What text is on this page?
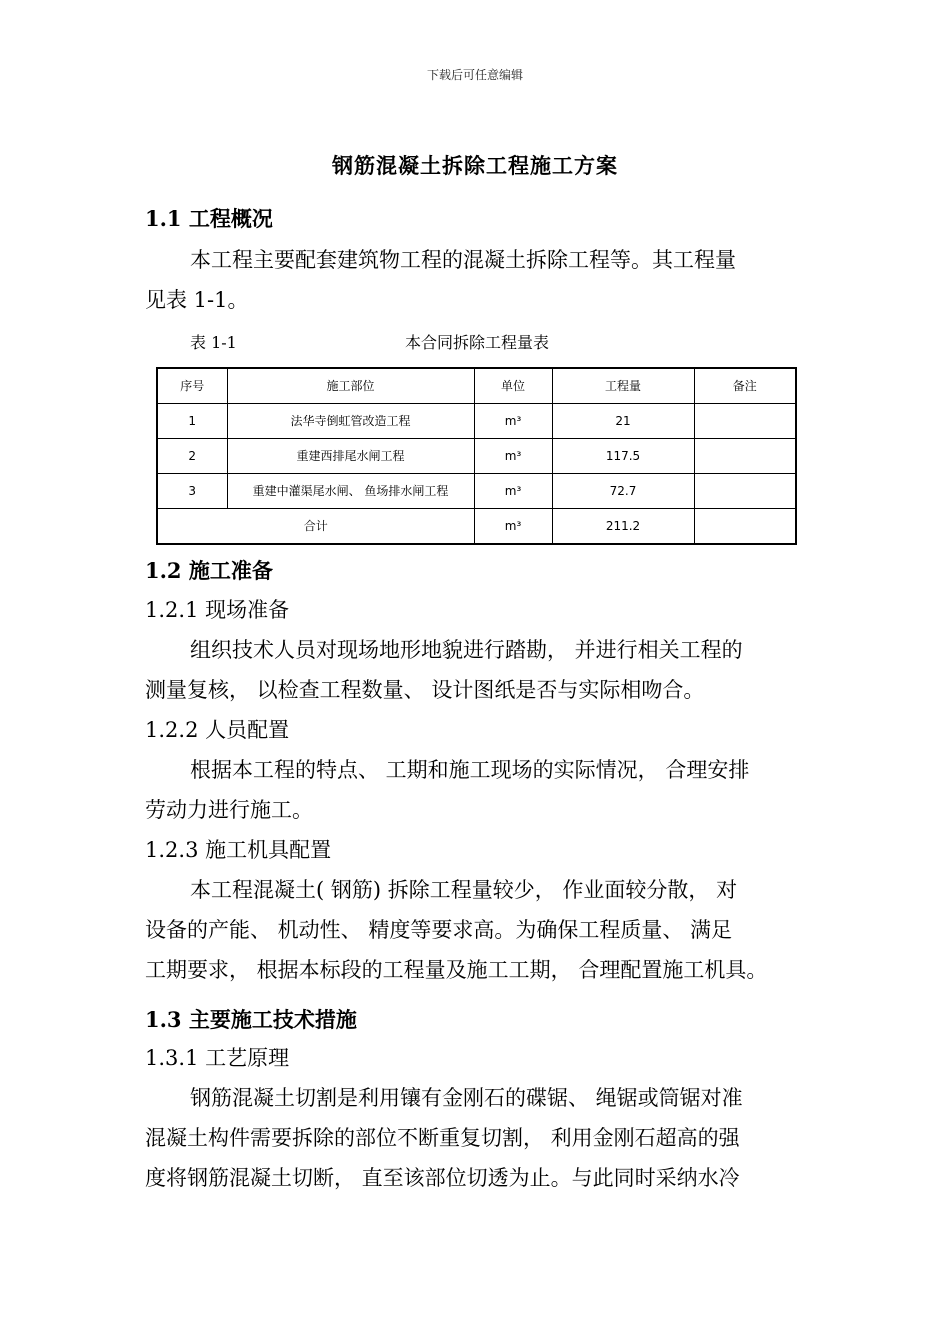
下载后可任意编辑
钢筋混凝土拆除工程施工方案
1.1 工程概况
本工程主要配套建筑物工程的混凝土拆除工程等。其工程量
见表 1-1。
表 1-1	本合同拆除工程量表
序号	施工部位	单位	工程量	备注
1	法华寺倒虹管改造工程	m³	21	
2	重建西排尾水闸工程	m³	117.5	
3	重建中灌渠尾水闸、 鱼场排水闸工程	m³	72.7	
合计		m³	211.2	
1.2 施工准备
1.2.1 现场准备
组织技术人员对现场地形地貌进行踏勘， 并进行相关工程的
测量复核， 以检查工程数量、 设计图纸是否与实际相吻合。
1.2.2 人员配置
根据本工程的特点、 工期和施工现场的实际情况， 合理安排
劳动力进行施工。
1.2.3 施工机具配置
本工程混凝土( 钢筋) 拆除工程量较少， 作业面较分散， 对
设备的产能、 机动性、 精度等要求高。为确保工程质量、 满足
工期要求， 根据本标段的工程量及施工工期， 合理配置施工机具。
1.3 主要施工技术措施
1.3.1 工艺原理
钢筋混凝土切割是利用镶有金刚石的碟锯、 绳锯或筒锯对准
混凝土构件需要拆除的部位不断重复切割， 利用金刚石超高的强
度将钢筋混凝土切断， 直至该部位切透为止。与此同时采纳水冷
